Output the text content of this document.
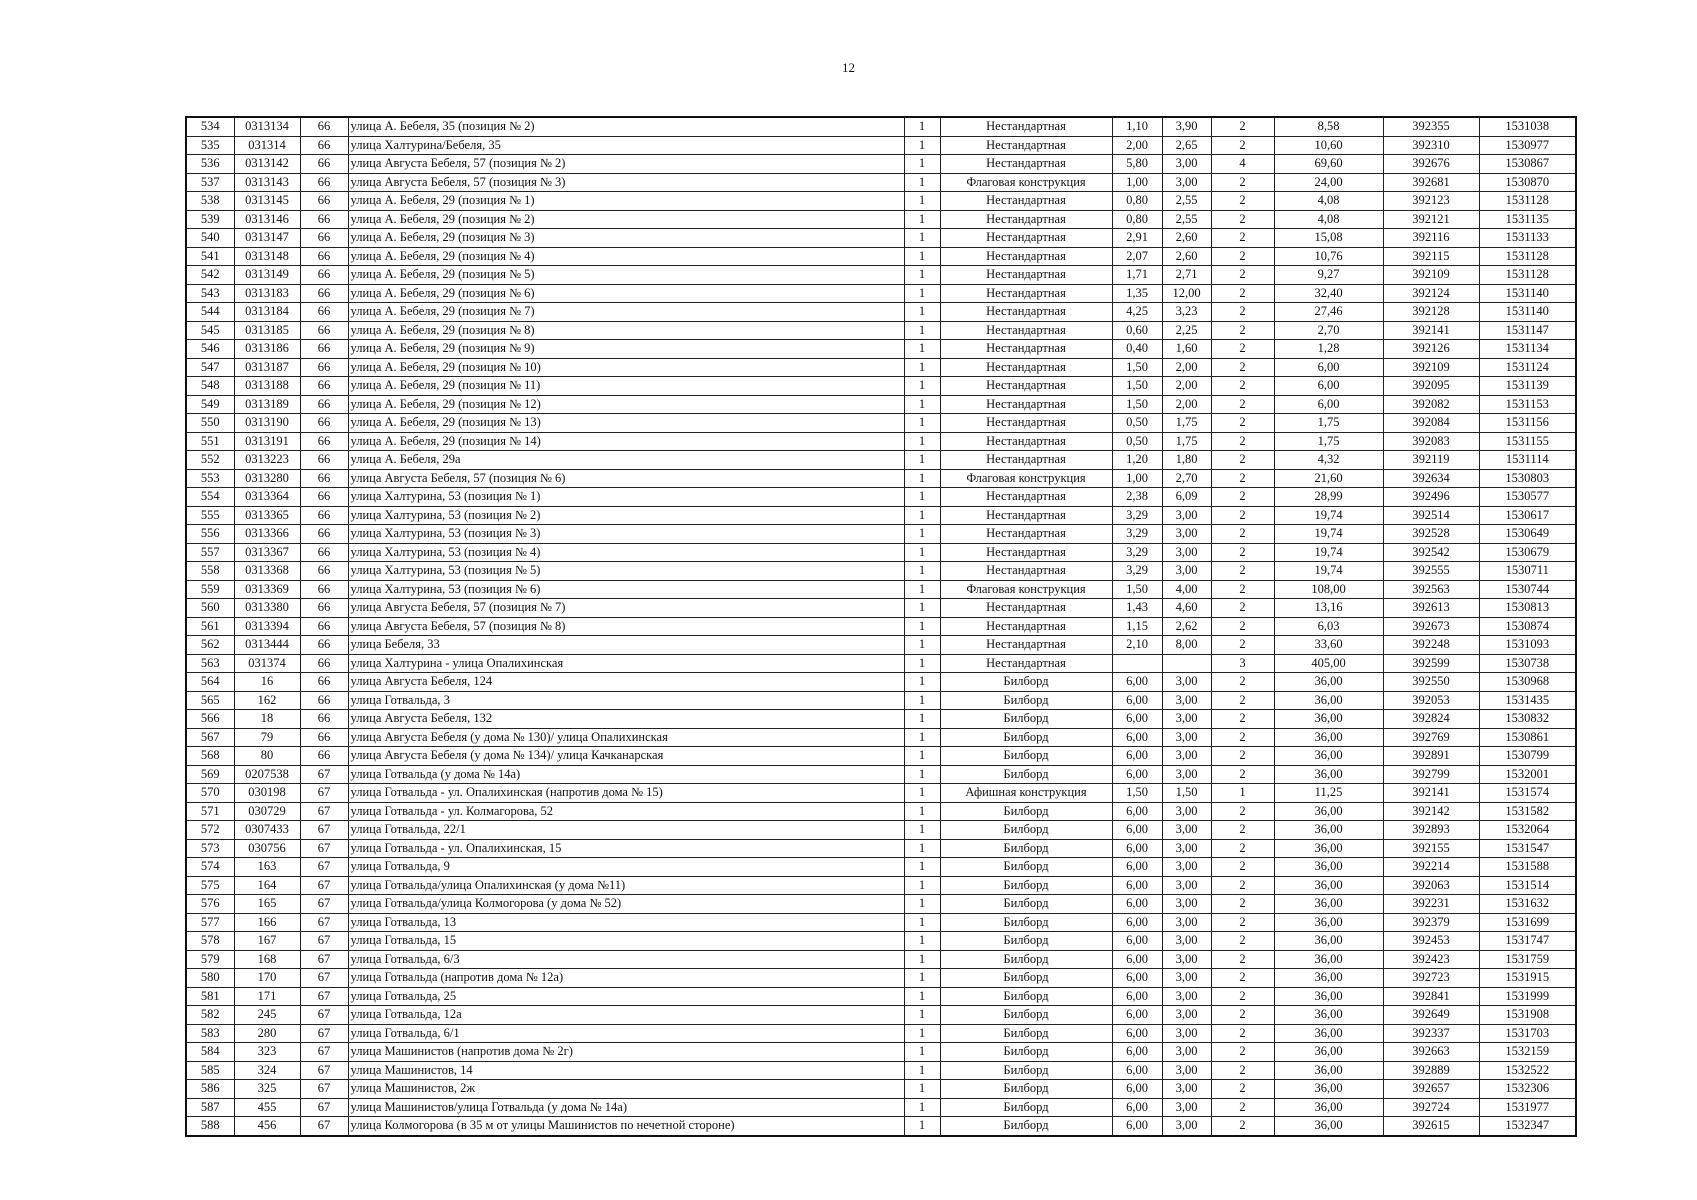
12
534	0313134	66	улица А. Бебеля, 35 (позиция № 2)	1	Нестандартная	1,10	3,90	2	8,58	392355	1531038
535	031314	66	улица Халтурина/Бебеля, 35	1	Нестандартная	2,00	2,65	2	10,60	392310	1530977
536	0313142	66	улица Августа Бебеля, 57 (позиция № 2)	1	Нестандартная	5,80	3,00	4	69,60	392676	1530867
537	0313143	66	улица Августа Бебеля, 57 (позиция № 3)	1	Флаговая конструкция	1,00	3,00	2	24,00	392681	1530870
538	0313145	66	улица А. Бебеля, 29 (позиция № 1)	1	Нестандартная	0,80	2,55	2	4,08	392123	1531128
539	0313146	66	улица А. Бебеля, 29 (позиция № 2)	1	Нестандартная	0,80	2,55	2	4,08	392121	1531135
540	0313147	66	улица А. Бебеля, 29 (позиция № 3)	1	Нестандартная	2,91	2,60	2	15,08	392116	1531133
541	0313148	66	улица А. Бебеля, 29 (позиция № 4)	1	Нестандартная	2,07	2,60	2	10,76	392115	1531128
542	0313149	66	улица А. Бебеля, 29 (позиция № 5)	1	Нестандартная	1,71	2,71	2	9,27	392109	1531128
543	0313183	66	улица А. Бебеля, 29 (позиция № 6)	1	Нестандартная	1,35	12,00	2	32,40	392124	1531140
544	0313184	66	улица А. Бебеля, 29 (позиция № 7)	1	Нестандартная	4,25	3,23	2	27,46	392128	1531140
545	0313185	66	улица А. Бебеля, 29 (позиция № 8)	1	Нестандартная	0,60	2,25	2	2,70	392141	1531147
546	0313186	66	улица А. Бебеля, 29 (позиция № 9)	1	Нестандартная	0,40	1,60	2	1,28	392126	1531134
547	0313187	66	улица А. Бебеля, 29 (позиция № 10)	1	Нестандартная	1,50	2,00	2	6,00	392109	1531124
548	0313188	66	улица А. Бебеля, 29 (позиция № 11)	1	Нестандартная	1,50	2,00	2	6,00	392095	1531139
549	0313189	66	улица А. Бебеля, 29 (позиция № 12)	1	Нестандартная	1,50	2,00	2	6,00	392082	1531153
550	0313190	66	улица А. Бебеля, 29 (позиция № 13)	1	Нестандартная	0,50	1,75	2	1,75	392084	1531156
551	0313191	66	улица А. Бебеля, 29 (позиция № 14)	1	Нестандартная	0,50	1,75	2	1,75	392083	1531155
552	0313223	66	улица А. Бебеля, 29а	1	Нестандартная	1,20	1,80	2	4,32	392119	1531114
553	0313280	66	улица Августа Бебеля, 57 (позиция № 6)	1	Флаговая конструкция	1,00	2,70	2	21,60	392634	1530803
554	0313364	66	улица Халтурина, 53 (позиция № 1)	1	Нестандартная	2,38	6,09	2	28,99	392496	1530577
555	0313365	66	улица Халтурина, 53 (позиция № 2)	1	Нестандартная	3,29	3,00	2	19,74	392514	1530617
556	0313366	66	улица Халтурина, 53 (позиция № 3)	1	Нестандартная	3,29	3,00	2	19,74	392528	1530649
557	0313367	66	улица Халтурина, 53 (позиция № 4)	1	Нестандартная	3,29	3,00	2	19,74	392542	1530679
558	0313368	66	улица Халтурина, 53 (позиция № 5)	1	Нестандартная	3,29	3,00	2	19,74	392555	1530711
559	0313369	66	улица Халтурина, 53 (позиция № 6)	1	Флаговая конструкция	1,50	4,00	2	108,00	392563	1530744
560	0313380	66	улица Августа Бебеля, 57 (позиция № 7)	1	Нестандартная	1,43	4,60	2	13,16	392613	1530813
561	0313394	66	улица Августа Бебеля, 57 (позиция № 8)	1	Нестандартная	1,15	2,62	2	6,03	392673	1530874
562	0313444	66	улица Бебеля, 33	1	Нестандартная	2,10	8,00	2	33,60	392248	1531093
563	031374	66	улица Халтурина - улица Опалихинская	1	Нестандартная			3	405,00	392599	1530738
564	16	66	улица Августа Бебеля, 124	1	Билборд	6,00	3,00	2	36,00	392550	1530968
565	162	66	улица Готвальда, 3	1	Билборд	6,00	3,00	2	36,00	392053	1531435
566	18	66	улица Августа Бебеля, 132	1	Билборд	6,00	3,00	2	36,00	392824	1530832
567	79	66	улица Августа Бебеля (у дома № 130)/ улица Опалихинская	1	Билборд	6,00	3,00	2	36,00	392769	1530861
568	80	66	улица Августа Бебеля (у дома № 134)/ улица Качканарская	1	Билборд	6,00	3,00	2	36,00	392891	1530799
569	0207538	67	улица Готвальда (у дома № 14а)	1	Билборд	6,00	3,00	2	36,00	392799	1532001
570	030198	67	улица Готвальда - ул. Опалихинская (напротив дома № 15)	1	Афишная конструкция	1,50	1,50	1	11,25	392141	1531574
571	030729	67	улица Готвальда - ул. Колмагорова, 52	1	Билборд	6,00	3,00	2	36,00	392142	1531582
572	0307433	67	улица Готвальда, 22/1	1	Билборд	6,00	3,00	2	36,00	392893	1532064
573	030756	67	улица Готвальда - ул. Опалихинская, 15	1	Билборд	6,00	3,00	2	36,00	392155	1531547
574	163	67	улица Готвальда, 9	1	Билборд	6,00	3,00	2	36,00	392214	1531588
575	164	67	улица Готвальда/улица Опалихинская (у дома №11)	1	Билборд	6,00	3,00	2	36,00	392063	1531514
576	165	67	улица Готвальда/улица Колмогорова (у дома № 52)	1	Билборд	6,00	3,00	2	36,00	392231	1531632
577	166	67	улица Готвальда, 13	1	Билборд	6,00	3,00	2	36,00	392379	1531699
578	167	67	улица Готвальда, 15	1	Билборд	6,00	3,00	2	36,00	392453	1531747
579	168	67	улица Готвальда, 6/3	1	Билборд	6,00	3,00	2	36,00	392423	1531759
580	170	67	улица Готвальда (напротив дома № 12а)	1	Билборд	6,00	3,00	2	36,00	392723	1531915
581	171	67	улица Готвальда, 25	1	Билборд	6,00	3,00	2	36,00	392841	1531999
582	245	67	улица Готвальда, 12а	1	Билборд	6,00	3,00	2	36,00	392649	1531908
583	280	67	улица Готвальда, 6/1	1	Билборд	6,00	3,00	2	36,00	392337	1531703
584	323	67	улица Машинистов (напротив дома № 2г)	1	Билборд	6,00	3,00	2	36,00	392663	1532159
585	324	67	улица Машинистов, 14	1	Билборд	6,00	3,00	2	36,00	392889	1532522
586	325	67	улица Машинистов, 2ж	1	Билборд	6,00	3,00	2	36,00	392657	1532306
587	455	67	улица Машинистов/улица Готвальда (у дома № 14а)	1	Билборд	6,00	3,00	2	36,00	392724	1531977
588	456	67	улица Колмогорова (в 35 м от улицы Машинистов по нечетной стороне)	1	Билборд	6,00	3,00	2	36,00	392615	1532347
